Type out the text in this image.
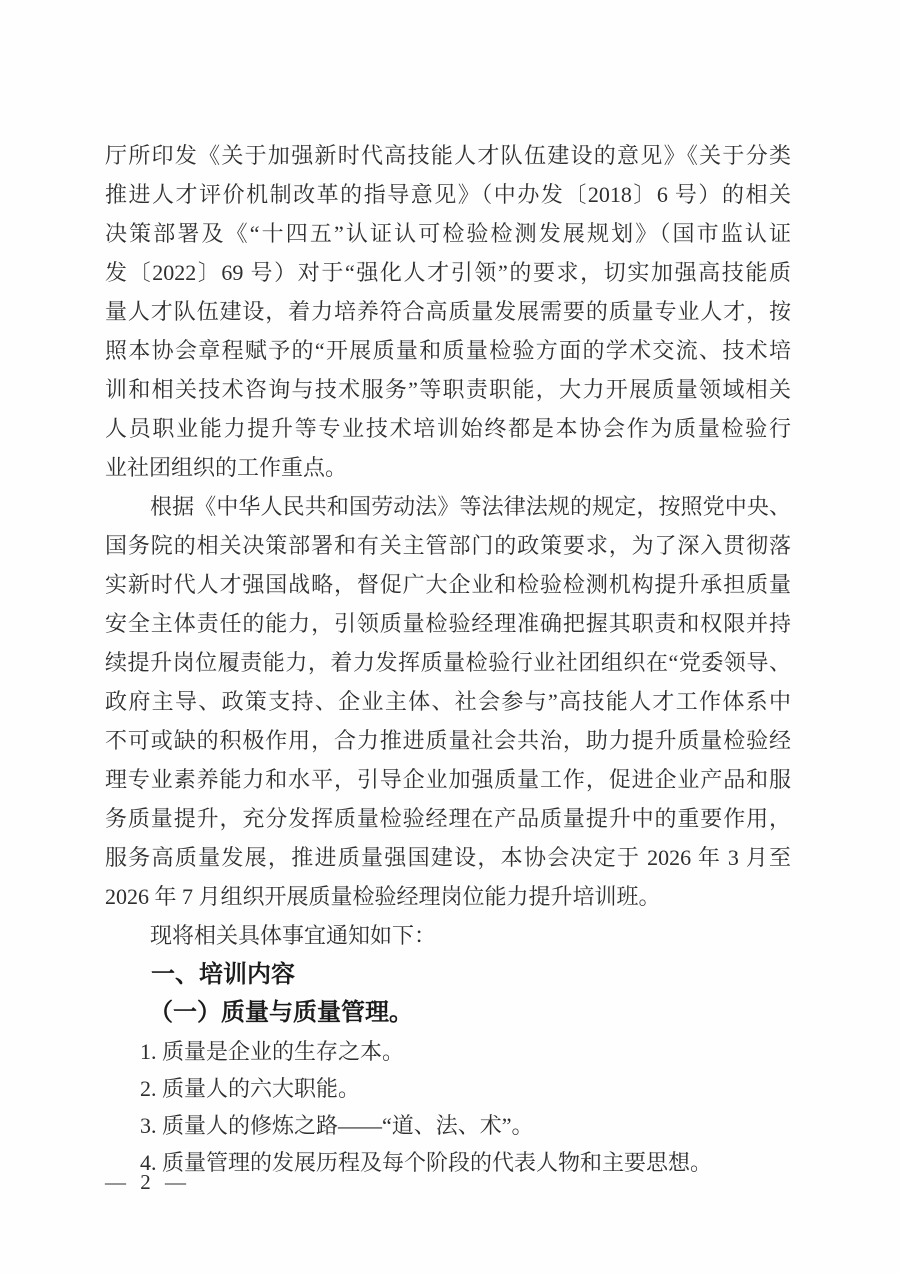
厅所印发《关于加强新时代高技能人才队伍建设的意见》《关于分类
推进人才评价机制改革的指导意见》（中办发〔2018〕6 号）的相关
决策部署及《“十四五”认证认可检验检测发展规划》（国市监认证
发〔2022〕69 号）对于“强化人才引领”的要求，切实加强高技能质
量人才队伍建设，着力培养符合高质量发展需要的质量专业人才，按
照本协会章程赋予的“开展质量和质量检验方面的学术交流、技术培
训和相关技术咨询与技术服务”等职责职能，大力开展质量领域相关
人员职业能力提升等专业技术培训始终都是本协会作为质量检验行
业社团组织的工作重点。
根据《中华人民共和国劳动法》等法律法规的规定，按照党中央、
国务院的相关决策部署和有关主管部门的政策要求，为了深入贯彻落
实新时代人才强国战略，督促广大企业和检验检测机构提升承担质量
安全主体责任的能力，引领质量检验经理准确把握其职责和权限并持
续提升岗位履责能力，着力发挥质量检验行业社团组织在“党委领导、
政府主导、政策支持、企业主体、社会参与”高技能人才工作体系中
不可或缺的积极作用，合力推进质量社会共治，助力提升质量检验经
理专业素养能力和水平，引导企业加强质量工作，促进企业产品和服
务质量提升，充分发挥质量检验经理在产品质量提升中的重要作用，
服务高质量发展，推进质量强国建设，本协会决定于 2026 年 3 月至
2026 年 7 月组织开展质量检验经理岗位能力提升培训班。
现将相关具体事宜通知如下：
一、培训内容
（一）质量与质量管理。
1. 质量是企业的生存之本。
2. 质量人的六大职能。
3. 质量人的修炼之路——“道、法、术”。
4. 质量管理的发展历程及每个阶段的代表人物和主要思想。
— 2 —
